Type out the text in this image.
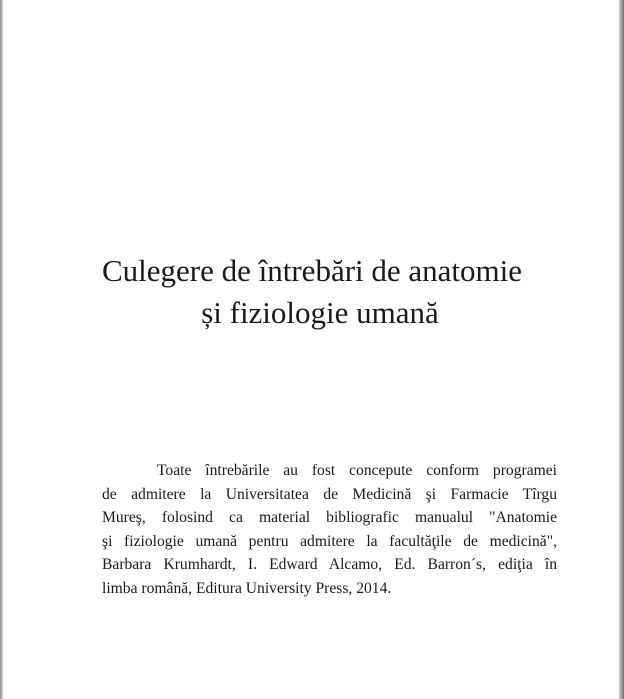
Culegere de întrebări de anatomie
și fiziologie umană
Toate întrebările au fost concepute conform programei
de admitere la Universitatea de Medicină şi Farmacie Tîrgu
Mureş, folosind ca material bibliografic manualul "Anatomie
şi fiziologie umană pentru admitere la facultăţile de medicină",
Barbara Krumhardt, I. Edward Alcamo, Ed. Barron´s, ediţia în
limba română, Editura University Press, 2014.
